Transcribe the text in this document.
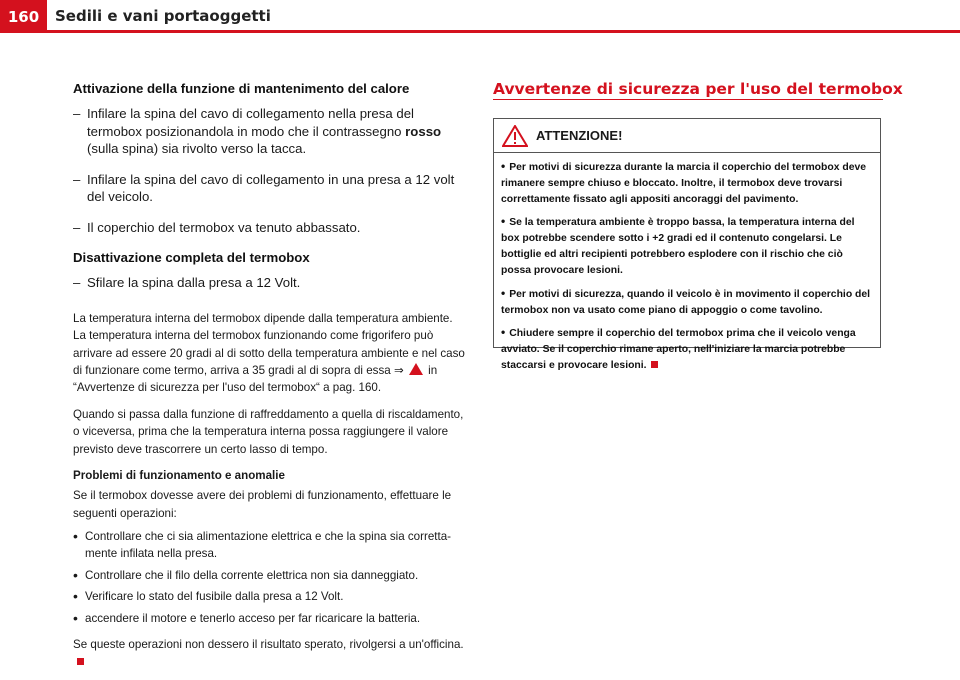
160	Sedili e vani portaoggetti
Attivazione della funzione di mantenimento del calore
– Infilare la spina del cavo di collegamento nella presa del termobox posizionandola in modo che il contrassegno rosso (sulla spina) sia rivolto verso la tacca.
– Infilare la spina del cavo di collegamento in una presa a 12 volt del veicolo.
– Il coperchio del termobox va tenuto abbassato.
Disattivazione completa del termobox
– Sfilare la spina dalla presa a 12 Volt.

La temperatura interna del termobox dipende dalla temperatura ambiente. La temperatura interna del termobox funzionando come frigorifero può arrivare ad essere 20 gradi al di sotto della temperatura ambiente e nel caso di funzionare come termo, arriva a 35 gradi al di sopra di essa ⇒ in “Avvertenze di sicurezza per l'uso del termobox“ a pag. 160.

Quando si passa dalla funzione di raffreddamento a quella di riscaldamento, o viceversa, prima che la temperatura interna possa raggiungere il valore previsto deve trascorrere un certo lasso di tempo.

Problemi di funzionamento e anomalie

Se il termobox dovesse avere dei problemi di funzionamento, effettuare le seguenti operazioni:

• Controllare che ci sia alimentazione elettrica e che la spina sia corretta-mente infilata nella presa.
• Controllare che il filo della corrente elettrica non sia danneggiato.
• Verificare lo stato del fusibile dalla presa a 12 Volt.
• accendere il motore e tenerlo acceso per far ricaricare la batteria.

Se queste operazioni non dessero il risultato sperato, rivolgersi a un'officina.

Avvertenze di sicurezza per l'uso del termobox
ATTENZIONE!
• Per motivi di sicurezza durante la marcia il coperchio del termobox deve rimanere sempre chiuso e bloccato. Inoltre, il termobox deve trovarsi correttamente fissato agli appositi ancoraggi del pavimento.
• Se la temperatura ambiente è troppo bassa, la temperatura interna del box potrebbe scendere sotto i +2 gradi ed il contenuto congelarsi. Le bottiglie ed altri recipienti potrebbero esplodere con il rischio che ciò possa provocare lesioni.
• Per motivi di sicurezza, quando il veicolo è in movimento il coperchio del termobox non va usato come piano di appoggio o come tavolino.
• Chiudere sempre il coperchio del termobox prima che il veicolo venga avviato. Se il coperchio rimane aperto, nell'iniziare la marcia potrebbe staccarsi e provocare lesioni.
